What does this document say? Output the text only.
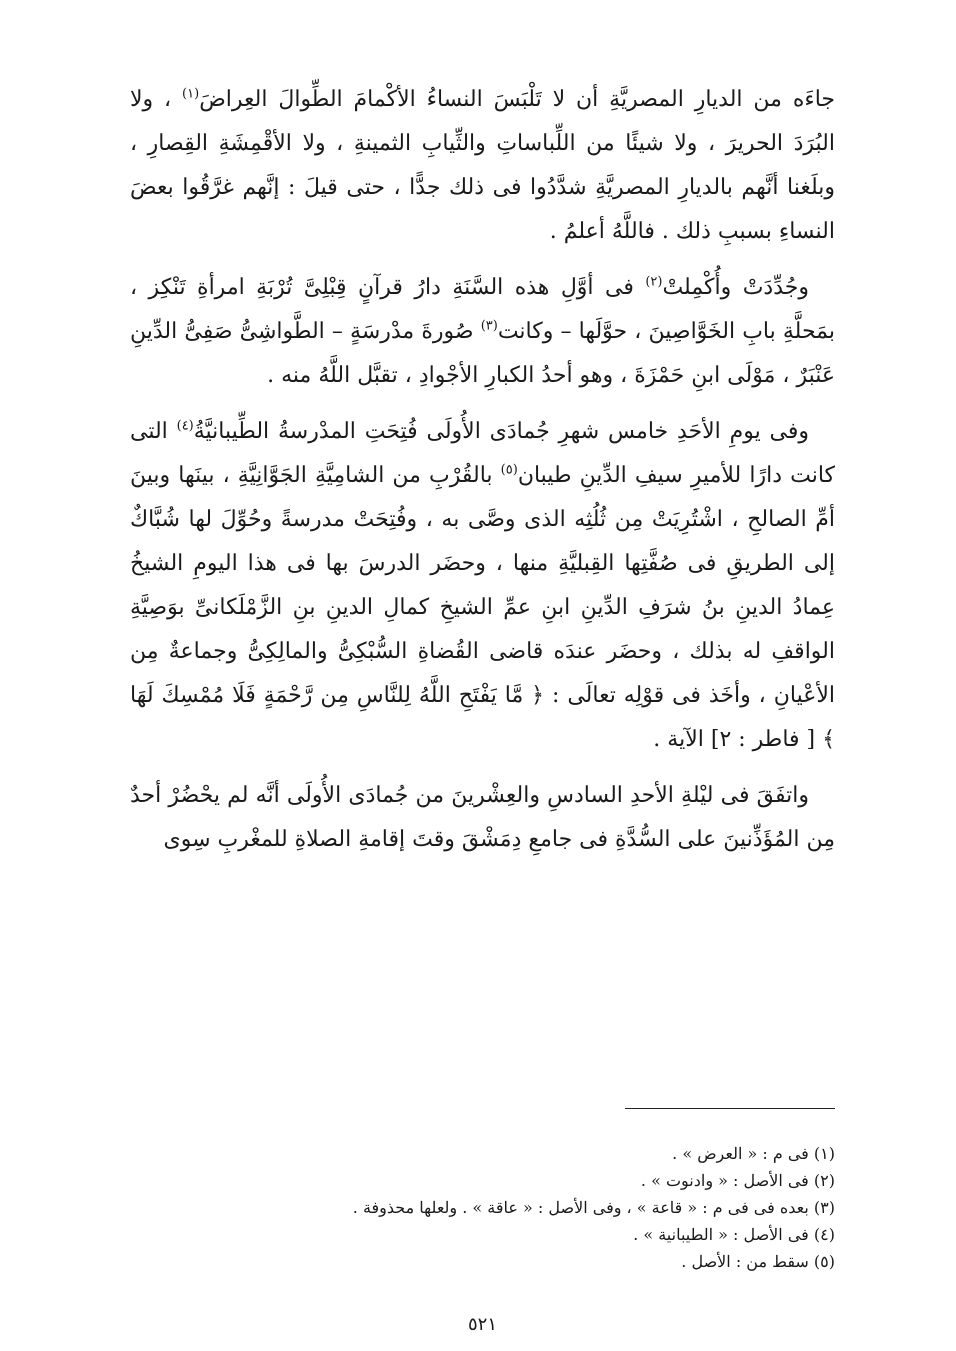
جاءَه من الديارِ المصريَّةِ أن لا تَلْبَسَ النساءُ الأكْمامَ الطِّوالَ العِراضَ$^{(١)}$ ، ولا البُرَدَ الحريرَ ، ولا شيئًا من اللِّباساتِ والثِّيابِ الثمينةِ ، ولا الأقْمِشَةِ القِصارِ ، وبلَغنا أنَّهم بالديارِ المصريَّةِ شدَّدُوا فى ذلك جدًّا ، حتى قيلَ : إنَّهم غرَّقُوا بعضَ النساءِ بسببِ ذلك . فاللَّهُ أعلمُ .

وجُدِّدَتْ وأُكْمِلتْ$^{(٢)}$ فى أوَّلِ هذه السَّنَةِ دارُ قرآنٍ قِبْلِىَّ تُرْبَةِ امرأةِ تَنْكِز ، بمَحلَّةِ بابِ الخَوَّاصِينَ ، حوَّلَها – وكانت$^{(٣)}$ صُورةَ مدْرسَةٍ – الطَّواشِىُّ صَفِىُّ الدِّينِ عَنْبَرٌ ، مَوْلَى ابنِ حَمْزَةَ ، وهو أحدُ الكبارِ الأجْوادِ ، تقبَّل اللَّهُ منه .

وفى يومِ الأحَدِ خامس شهرِ جُمادَى الأُولَى فُتِحَتِ المدْرسةُ الطِّيبانيَّةُ$^{(٤)}$ التى كانت دارًا للأميرِ سيفِ الدِّينِ طيبان$^{(٥)}$ بالقُرْبِ من الشامِيَّةِ الجَوَّانِيَّةِ ، بينَها وبينَ أمِّ الصالحِ ، اشْتُرِيَتْ مِن ثُلُثِه الذى وصَّى به ، وفُتِحَتْ مدرسةً وحُوِّلَ لها شُبَّاكٌ إلى الطريقِ فى صُفَّتِها القِبليَّةِ منها ، وحضَر الدرسَ بها فى هذا اليومِ الشيخُ عِمادُ الدينِ بنُ شرَفِ الدِّينِ ابنِ عمِّ الشيخِ كمالِ الدينِ بنِ الزَّمْلَكانىِّ بوَصِيَّةِ الواقفِ له بذلك ، وحضَر عندَه قاضى القُضاةِ السُّبْكِىُّ والمالِكِىُّ وجماعةٌ مِن الأعْيانِ ، وأخَذ فى قوْلِه تعالَى : ﴿ مَّا يَفْتَحِ اللَّهُ لِلنَّاسِ مِن رَّحْمَةٍ فَلَا مُمْسِكَ لَهَا ﴾ [ فاطر : ٢] الآية .

واتفَقَ فى ليْلةِ الأحدِ السادسِ والعِشْرينَ من جُمادَى الأُولَى أنَّه لم يحْضُرْ أحدٌ مِن المُؤَذِّنينَ على السُّدَّةِ فى جامعِ دِمَشْقَ وقتَ إقامةِ الصلاةِ للمغْربِ سِوى

(١) فى م : « العرض » .
(٢) فى الأصل : « وادنوت » .
(٣) بعده فى فى م : « قاعة » ، وفى الأصل : « عاقة » . ولعلها محذوفة .
(٤) فى الأصل : « الطيبانية » .
(٥) سقط من : الأصل .
٥٢١
